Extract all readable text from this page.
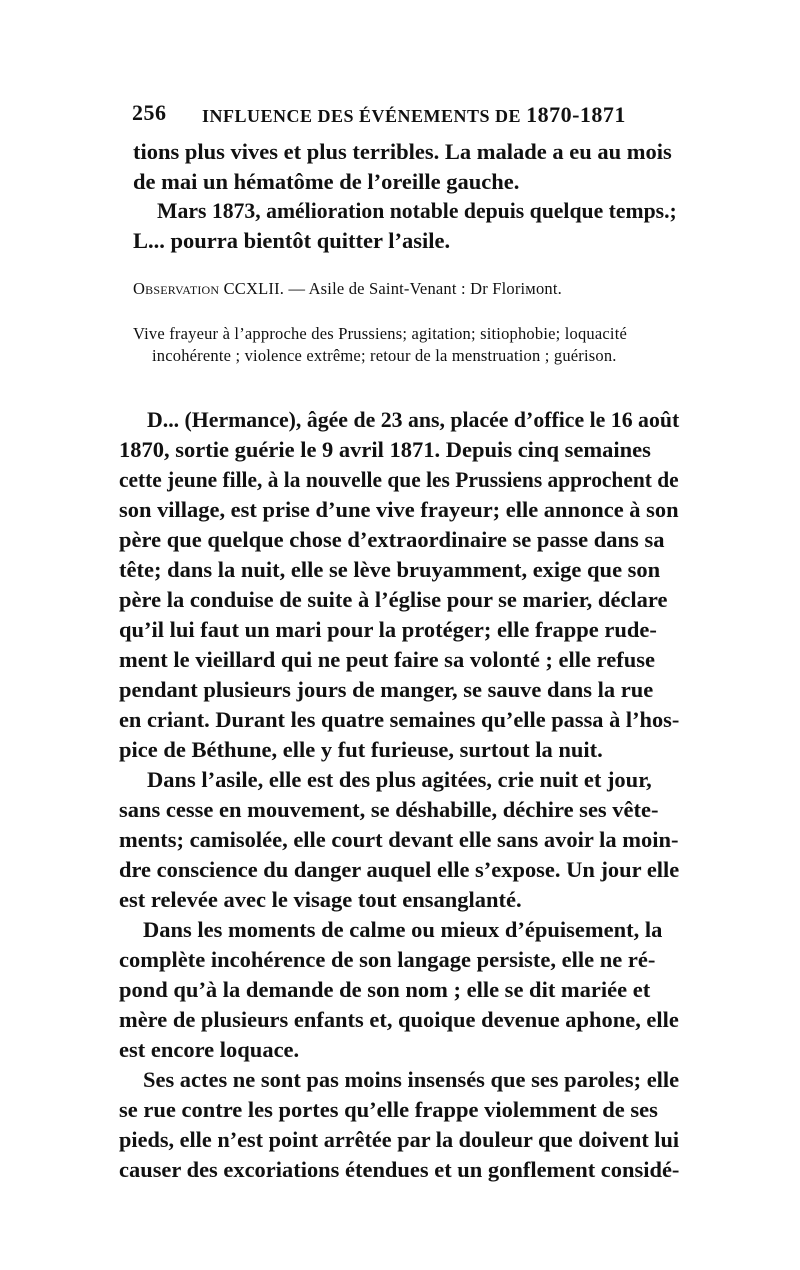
256 INFLUENCE DES ÉVÉNEMENTS DE 1870-1871
tions plus vives et plus terribles. La malade a eu au mois
de mai un hématôme de l’oreille gauche.
Mars 1873, amélioration notable depuis quelque temps.;
L... pourra bientôt quitter l’asile.
Observation CCXLII. — Asile de Saint-Venant : Dr Floriмont.
Vive frayeur à l’approche des Prussiens; agitation; sitiophobie; loquacité
incohérente ; violence extrême; retour de la menstruation ; guérison.
D... (Hermance), âgée de 23 ans, placée d’office le 16 août
1870, sortie guérie le 9 avril 1871. Depuis cinq semaines
cette jeune fille, à la nouvelle que les Prussiens approchent de
son village, est prise d’une vive frayeur; elle annonce à son
père que quelque chose d’extraordinaire se passe dans sa
tête; dans la nuit, elle se lève bruyamment, exige que son
père la conduise de suite à l’église pour se marier, déclare
qu’il lui faut un mari pour la protéger; elle frappe rude-
ment le vieillard qui ne peut faire sa volonté ; elle refuse
pendant plusieurs jours de manger, se sauve dans la rue
en criant. Durant les quatre semaines qu’elle passa à l’hos-
pice de Béthune, elle y fut furieuse, surtout la nuit.
Dans l’asile, elle est des plus agitées, crie nuit et jour,
sans cesse en mouvement, se déshabille, déchire ses vête-
ments; camisolée, elle court devant elle sans avoir la moin-
dre conscience du danger auquel elle s’expose. Un jour elle
est relevée avec le visage tout ensanglanté.
Dans les moments de calme ou mieux d’épuisement, la
complète incohérence de son langage persiste, elle ne ré-
pond qu’à la demande de son nom ; elle se dit mariée et
mère de plusieurs enfants et, quoique devenue aphone, elle
est encore loquace.
Ses actes ne sont pas moins insensés que ses paroles; elle
se rue contre les portes qu’elle frappe violemment de ses
pieds, elle n’est point arrêtée par la douleur que doivent lui
causer des excoriations étendues et un gonflement considé-
